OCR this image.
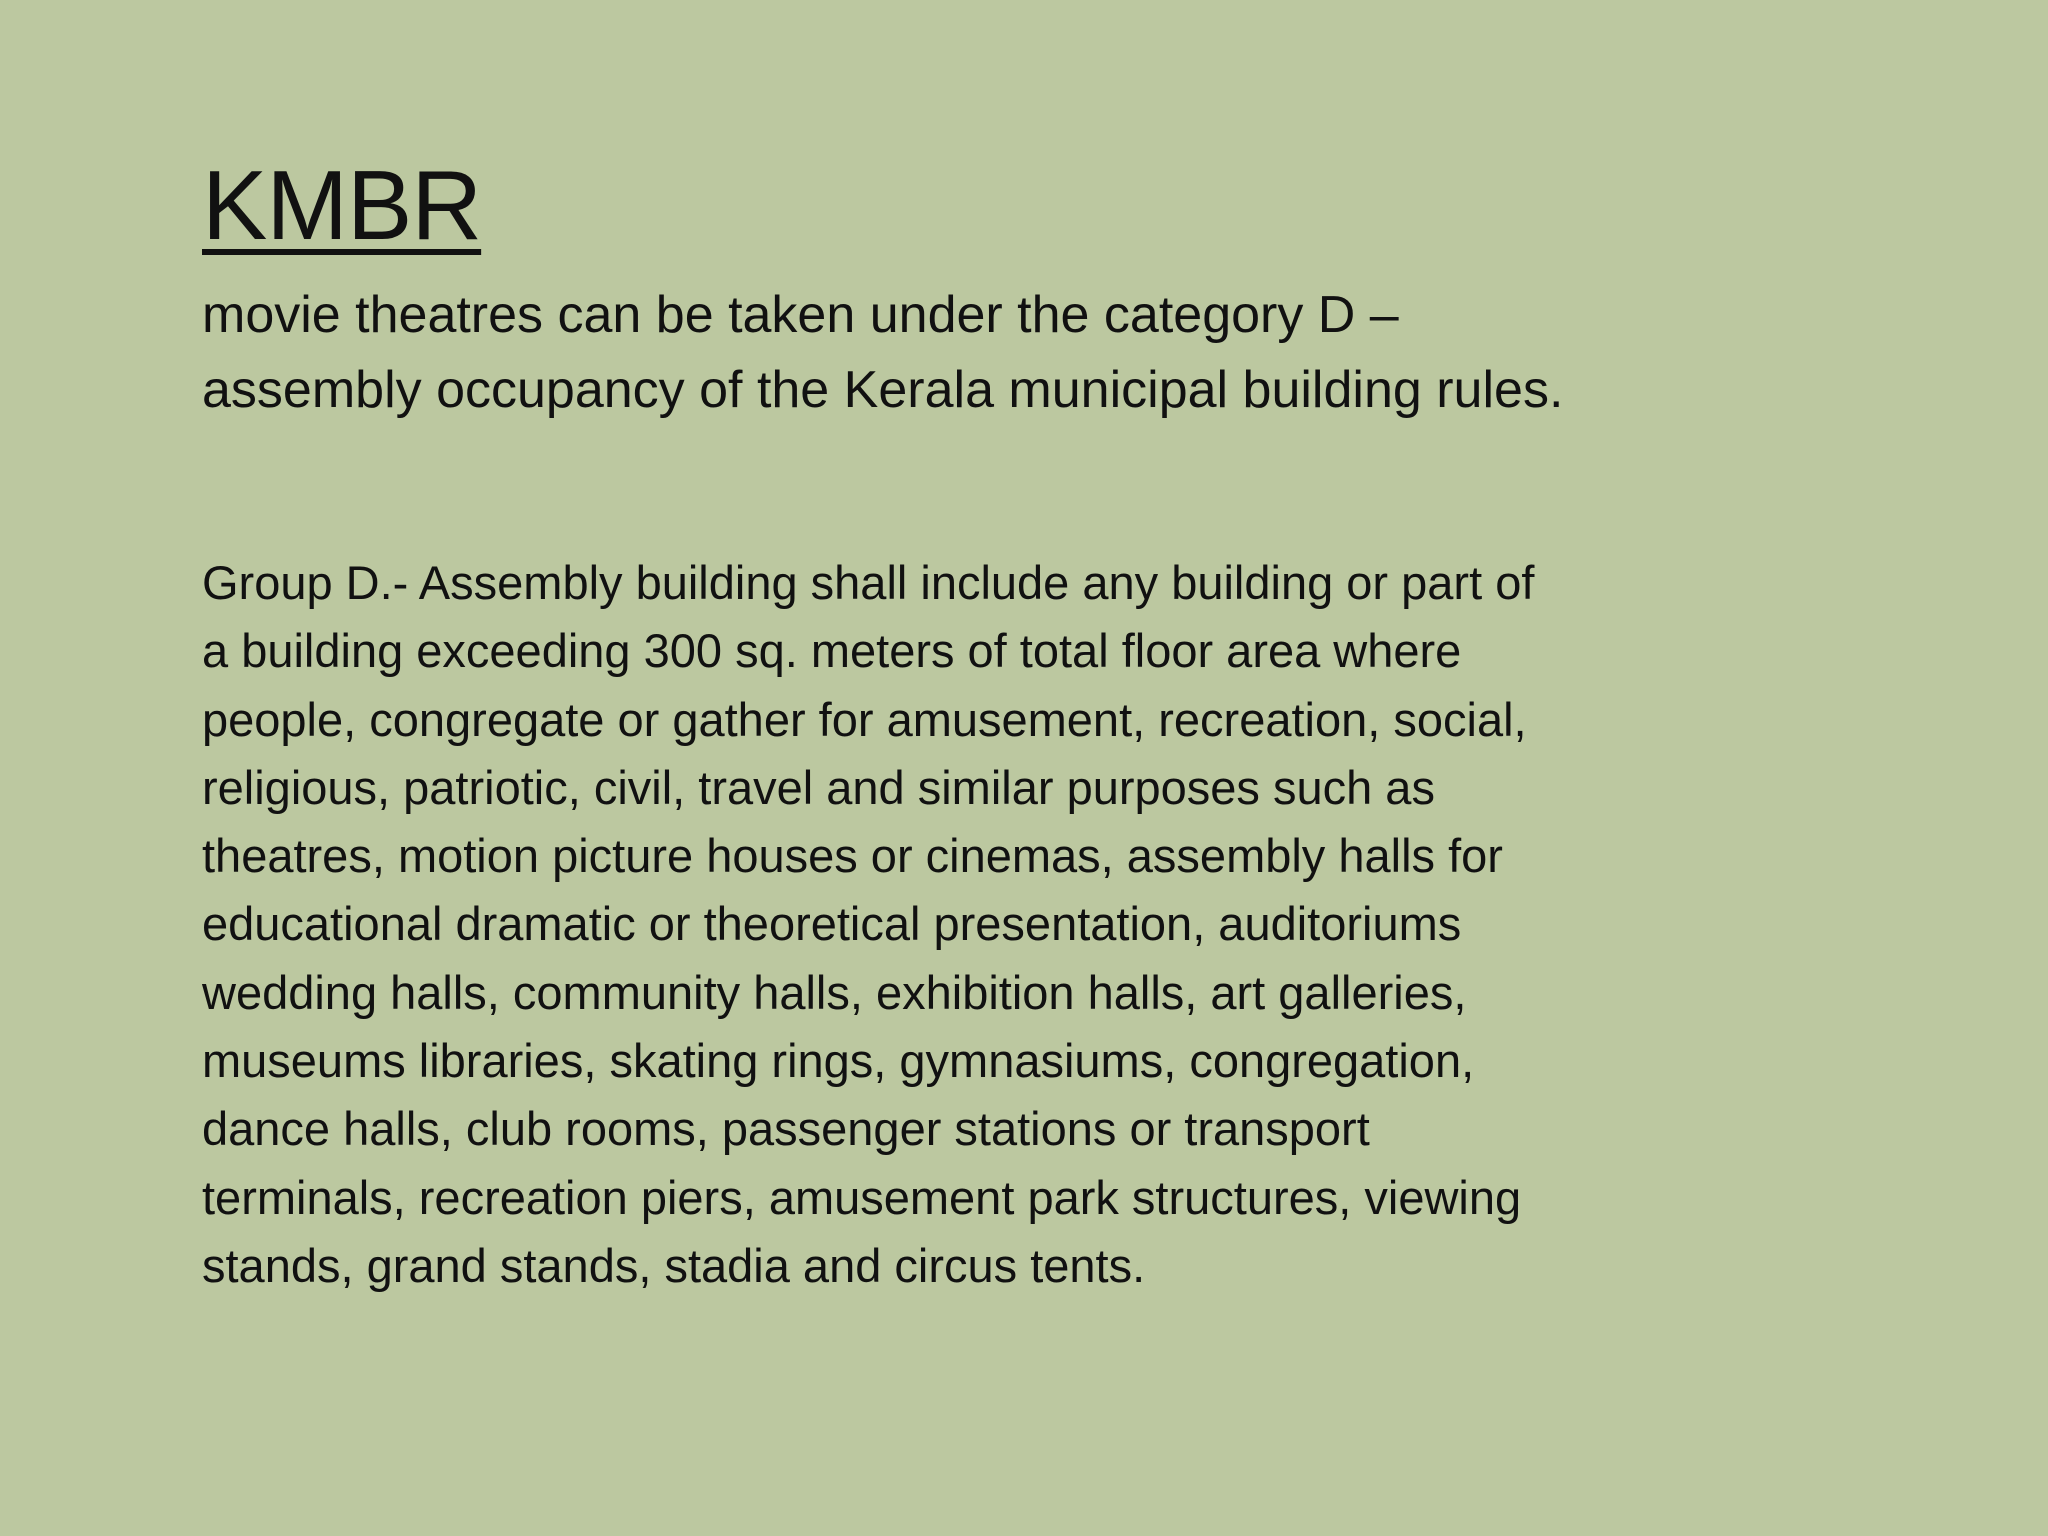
KMBR

movie theatres can be taken under the category D –
assembly occupancy of the Kerala municipal building rules.

Group D.- Assembly building shall include any building or part of
a building exceeding 300 sq. meters of total floor area where
people, congregate or gather for amusement, recreation, social,
religious, patriotic, civil, travel and similar purposes such as
theatres, motion picture houses or cinemas, assembly halls for
educational dramatic or theoretical presentation, auditoriums
wedding halls, community halls, exhibition halls, art galleries,
museums libraries, skating rings, gymnasiums, congregation,
dance halls, club rooms, passenger stations or transport
terminals, recreation piers, amusement park structures, viewing
stands, grand stands, stadia and circus tents.
